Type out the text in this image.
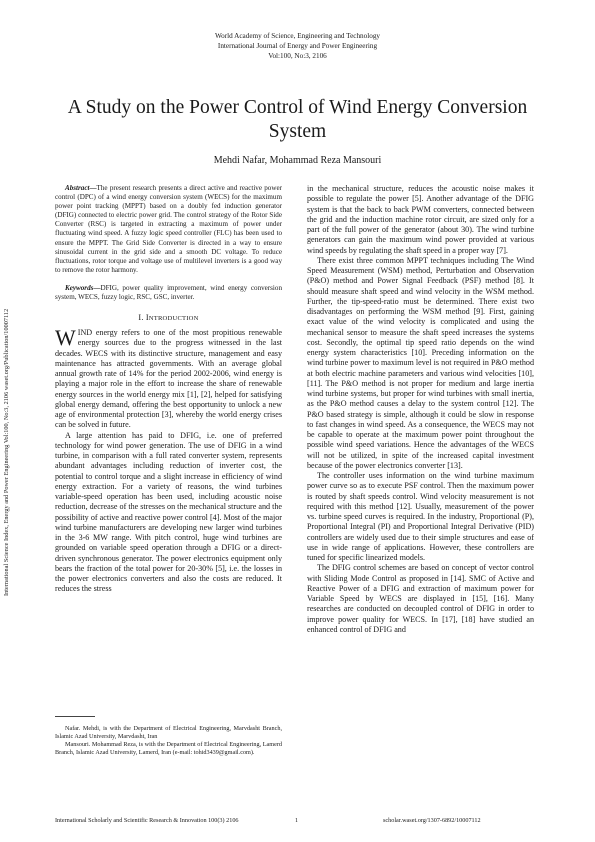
World Academy of Science, Engineering and Technology
International Journal of Energy and Power Engineering
Vol:100, No:3, 2106
A Study on the Power Control of Wind Energy Conversion System
Mehdi Nafar, Mohammad Reza Mansouri
International Science Index, Energy and Power Engineering Vol:100, No:3, 2106 waset.org/Publication/10007112

Abstract—The present research presents a direct active and reactive power control (DPC) of a wind energy conversion system (WECS) for the maximum power point tracking (MPPT) based on a doubly fed induction generator (DFIG) connected to electric power grid. The control strategy of the Rotor Side Converter (RSC) is targeted in extracting a maximum of power under fluctuating wind speed. A fuzzy logic speed controller (FLC) has been used to ensure the MPPT. The Grid Side Converter is directed in a way to ensure sinusoidal current in the grid side and a smooth DC voltage. To reduce fluctuations, rotor torque and voltage use of multilevel inverters is a good way to remove the rotor harmony.

Keywords—DFIG, power quality improvement, wind energy conversion system, WECS, fuzzy logic, RSC, GSC, inverter.

I. INTRODUCTION

WIND energy refers to one of the most propitious renewable energy sources due to the progress witnessed in the last decades. WECS with its distinctive structure, management and easy maintenance has attracted governments. With an average global annual growth rate of 14% for the period 2002-2006, wind energy is playing a major role in the effort to increase the share of renewable energy sources in the world energy mix [1], [2], helped for satisfying global energy demand, offering the best opportunity to unlock a new age of environmental protection [3], whereby the world energy crises can be solved in future.

A large attention has paid to DFIG, i.e. one of preferred technology for wind power generation. The use of DFIG in a wind turbine, in comparison with a full rated converter system, represents abundant advantages including reduction of inverter cost, the potential to control torque and a slight increase in efficiency of wind energy extraction. For a variety of reasons, the wind turbines variable-speed operation has been used, including acoustic noise reduction, decrease of the stresses on the mechanical structure and the possibility of active and reactive power control [4]. Most of the major wind turbine manufacturers are developing new larger wind turbines in the 3-6 MW range. With pitch control, huge wind turbines are grounded on variable speed operation through a DFIG or a direct-driven synchronous generator. The power electronics equipment only bears the fraction of the total power for 20-30% [5], i.e. the losses in the power electronics converters and also the costs are reduced. It reduces the stress

in the mechanical structure, reduces the acoustic noise makes it possible to regulate the power [5]. Another advantage of the DFIG system is that the back to back PWM converters, connected between the grid and the induction machine rotor circuit, are sized only for a part of the full power of the generator (about 30). The wind turbine generators can gain the maximum wind power provided at various wind speeds by regulating the shaft speed in a proper way [7].

There exist three common MPPT techniques including The Wind Speed Measurement (WSM) method, Perturbation and Observation (P&O) method and Power Signal Feedback (PSF) method [8]. It should measure shaft speed and wind velocity in the WSM method. Further, the tip-speed-ratio must be determined. There exist two disadvantages on performing the WSM method [9]. First, gaining exact value of the wind velocity is complicated and using the mechanical sensor to measure the shaft speed increases the systems cost. Secondly, the optimal tip speed ratio depends on the wind energy system characteristics [10]. Preceding information on the wind turbine power to maximum level is not required in P&O method at both electric machine parameters and various wind velocities [10], [11]. The P&O method is not proper for medium and large inertia wind turbine systems, but proper for wind turbines with small inertia, as the P&O method causes a delay to the system control [12]. The P&O based strategy is simple, although it could be slow in response to fast changes in wind speed. As a consequence, the WECS may not be capable to operate at the maximum power point throughout the possible wind speed variations. Hence the advantages of the WECS will not be utilized, in spite of the increased capital investment because of the power electronics converter [13].

The controller uses information on the wind turbine maximum power curve so as to execute PSF control. Then the maximum power is routed by shaft speeds control. Wind velocity measurement is not required with this method [12]. Usually, measurement of the power vs. turbine speed curves is required. In the industry, Proportional (P), Proportional Integral (PI) and Proportional Integral Derivative (PID) controllers are widely used due to their simple structures and ease of use in wide range of applications. However, these controllers are tuned for specific linearized models.

The DFIG control schemes are based on concept of vector control with Sliding Mode Control as proposed in [14]. SMC of Active and Reactive Power of a DFIG and extraction of maximum power for Variable Speed by WECS are displayed in [15], [16]. Many researches are conducted on decoupled control of DFIG in order to improve power quality for WECS. In [17], [18] have studied an enhanced control of DFIG and

Nafar. Mehdi, is with the Department of Electrical Engineering, Marvdasht Branch, Islamic Azad University, Marvdasht, Iran

Mansouri. Mohammad Reza, is with the Department of Electrical Engineering, Lamerd Branch, Islamic Azad University, Lamerd, Iran (e-mail: tohid3439@gmail.com).

International Scholarly and Scientific Research & Innovation 100(3) 2106	1	scholar.waset.org/1307-6892/10007112
